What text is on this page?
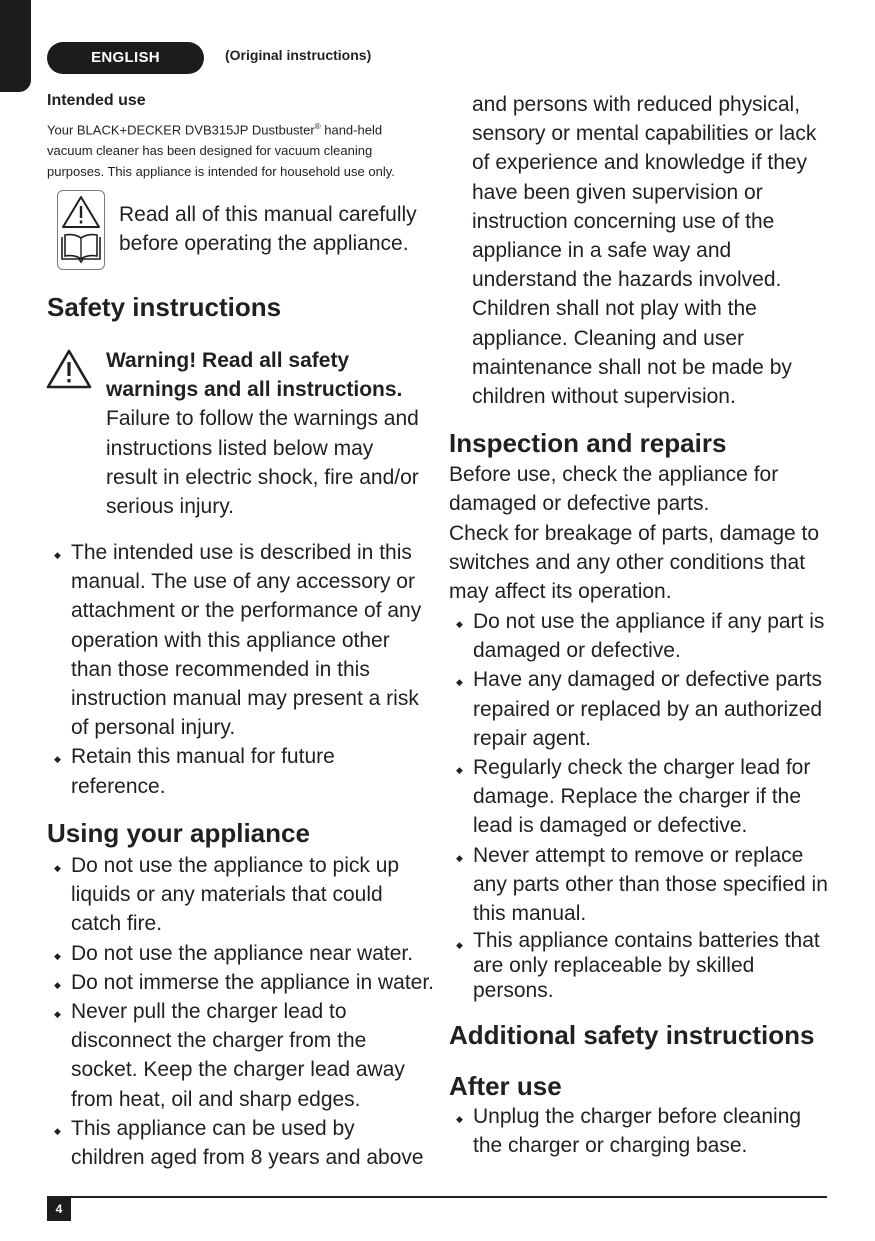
ENGLISH	(Original instructions)
Intended use
Your BLACK+DECKER DVB315JP Dustbuster® hand-held vacuum cleaner has been designed for vacuum cleaning purposes. This appliance is intended for household use only.
Read all of this manual carefully before operating the appliance.
Safety instructions
Warning! Read all safety
warnings and all instructions.
Failure to follow the warnings and instructions listed below may result in electric shock, fire and/or serious injury.
◆ The intended use is described in this manual. The use of any accessory or attachment or the performance of any operation with this appliance other than those recommended in this instruction manual may present a risk of personal injury.
◆ Retain this manual for future reference.
Using your appliance
◆ Do not use the appliance to pick up liquids or any materials that could catch fire.
◆ Do not use the appliance near water.
◆ Do not immerse the appliance in water.
◆ Never pull the charger lead to disconnect the charger from the socket. Keep the charger lead away from heat, oil and sharp edges.
◆ This appliance can be used by children aged from 8 years and above
and persons with reduced physical, sensory or mental capabilities or lack of experience and knowledge if they have been given supervision or instruction concerning use of the appliance in a safe way and understand the hazards involved. Children shall not play with the appliance. Cleaning and user maintenance shall not be made by children without supervision.
Inspection and repairs
Before use, check the appliance for damaged or defective parts.
Check for breakage of parts, damage to switches and any other conditions that may affect its operation.
◆ Do not use the appliance if any part is damaged or defective.
◆ Have any damaged or defective parts repaired or replaced by an authorized repair agent.
◆ Regularly check the charger lead for damage. Replace the charger if the lead is damaged or defective.
◆ Never attempt to remove or replace any parts other than those specified in this manual.
◆ This appliance contains batteries that are only replaceable by skilled persons.
Additional safety instructions
After use
◆ Unplug the charger before cleaning the charger or charging base.
4
